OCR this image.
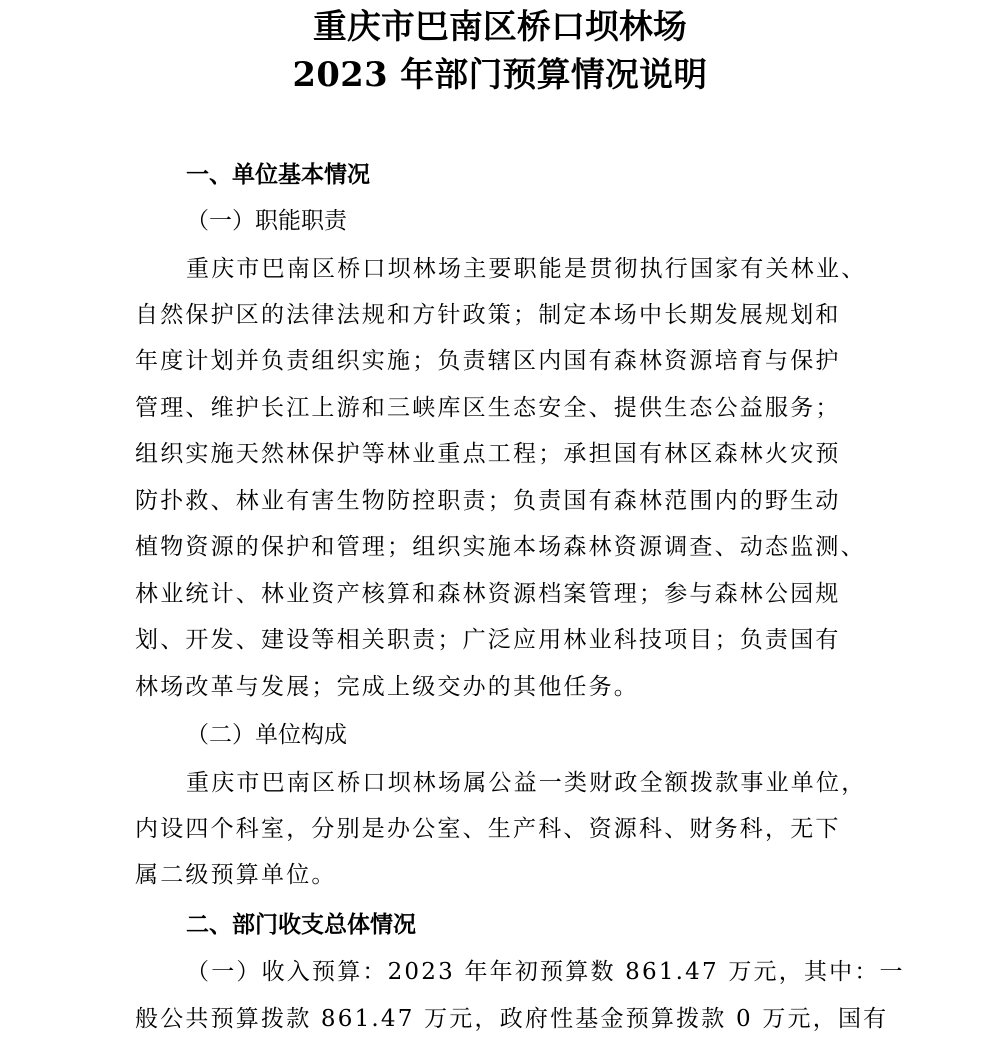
重庆市巴南区桥口坝林场
2023 年部门预算情况说明
一、单位基本情况
（一）职能职责
重庆市巴南区桥口坝林场主要职能是贯彻执行国家有关林业、
自然保护区的法律法规和方针政策；制定本场中长期发展规划和
年度计划并负责组织实施；负责辖区内国有森林资源培育与保护
管理、维护长江上游和三峡库区生态安全、提供生态公益服务；
组织实施天然林保护等林业重点工程；承担国有林区森林火灾预
防扑救、林业有害生物防控职责；负责国有森林范围内的野生动
植物资源的保护和管理；组织实施本场森林资源调查、动态监测、
林业统计、林业资产核算和森林资源档案管理；参与森林公园规
划、开发、建设等相关职责；广泛应用林业科技项目；负责国有
林场改革与发展；完成上级交办的其他任务。
（二）单位构成
重庆市巴南区桥口坝林场属公益一类财政全额拨款事业单位，
内设四个科室，分别是办公室、生产科、资源科、财务科，无下
属二级预算单位。
二、部门收支总体情况
（一）收入预算：2023 年年初预算数 861.47 万元，其中：一
般公共预算拨款 861.47 万元，政府性基金预算拨款 0 万元，国有
